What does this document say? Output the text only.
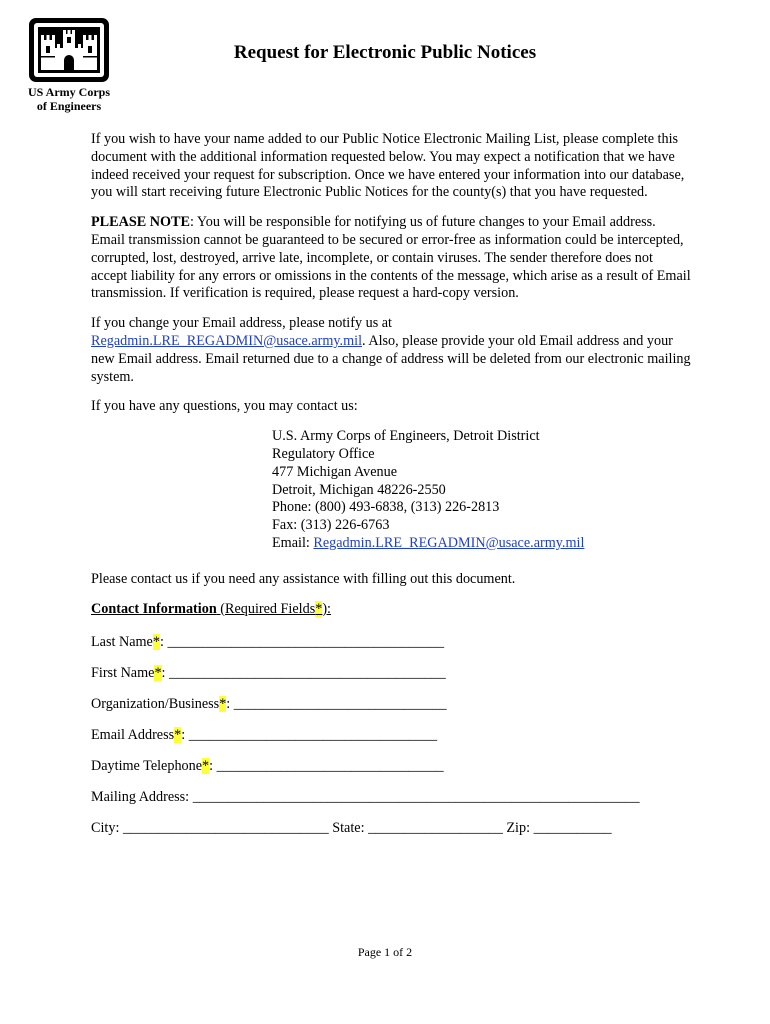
US Army Corps
of Engineers
Request for Electronic Public Notices

If you wish to have your name added to our Public Notice Electronic Mailing List, please complete this document with the additional information requested below. You may expect a notification that we have indeed received your request for subscription. Once we have entered your information into our database, you will start receiving future Electronic Public Notices for the county(s) that you have requested.

PLEASE NOTE: You will be responsible for notifying us of future changes to your Email address. Email transmission cannot be guaranteed to be secured or error-free as information could be intercepted, corrupted, lost, destroyed, arrive late, incomplete, or contain viruses. The sender therefore does not accept liability for any errors or omissions in the contents of the message, which arise as a result of Email transmission. If verification is required, please request a hard-copy version.

If you change your Email address, please notify us at
Regadmin.LRE_REGADMIN@usace.army.mil. Also, please provide your old Email address and your new Email address. Email returned due to a change of address will be deleted from our electronic mailing system.

If you have any questions, you may contact us:

U.S. Army Corps of Engineers, Detroit District
Regulatory Office
477 Michigan Avenue
Detroit, Michigan 48226-2550
Phone: (800) 493-6838, (313) 226-2813
Fax: (313) 226-6763
Email: Regadmin.LRE_REGADMIN@usace.army.mil

Please contact us if you need any assistance with filling out this document.

Contact Information (Required Fields*):
Last Name*: _______________________________________
First Name*: _______________________________________
Organization/Business*: ______________________________
Email Address*: ___________________________________
Daytime Telephone*: ________________________________
Mailing Address: _______________________________________________________________
City: _____________________________ State: ___________________ Zip: ___________
Page 1 of 2
